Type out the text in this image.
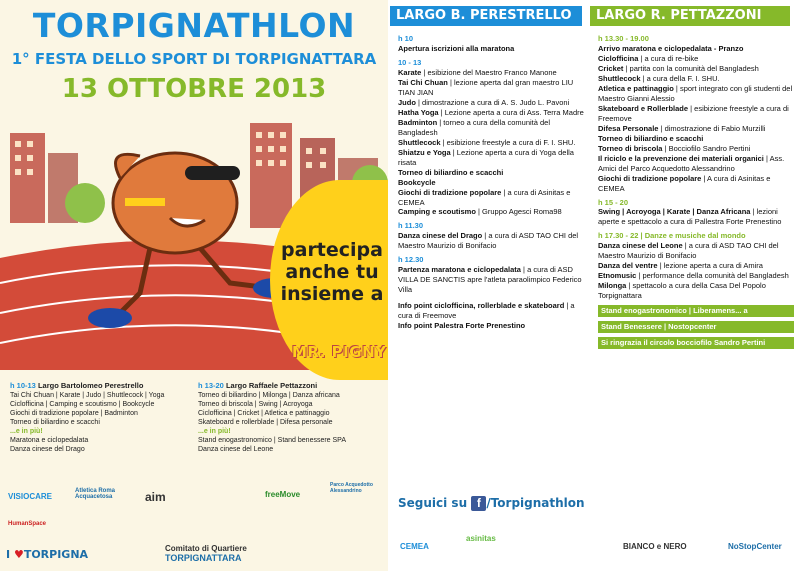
TORPIGNATHLON
1° FESTA DELLO SPORT DI TORPIGNATTARA
13 OTTOBRE 2013
partecipa
anche tu
insieme a
MR. PIGNY
h 10-13 Largo Bartolomeo Perestrello
Tai Chi Chuan | Karate | Judo | Shuttlecock | Yoga
Ciclofficina | Camping e scoutismo | Bookcycle
Giochi di tradizione popolare | Badminton
Torneo di biliardino e scacchi
...e in più!
Maratona e ciclopedalata
Danza cinese del Drago
h 13-20 Largo Raffaele Pettazzoni
Torneo di biliardino | Milonga | Danza africana
Torneo di briscola | Swing | Acroyoga
Ciclofficina | Cricket | Atletica e pattinaggio
Skateboard e rollerblade | Difesa personale
...e in più!
Stand enogastronomico | Stand benessere SPA
Danza cinese del Leone
VISIOCARE
Atletica Roma Acquacetosa	aim	freeMove
Parco Acquedotto Alessandrino
HumanSpace
I ♥TORPIGNA	Comitato di Quartiere
TORPIGNATTARA
LARGO B. PERESTRELLO	LARGO R. PETTAZZONI
h 10
Apertura iscrizioni alla maratona
10 - 13
Karate | esibizione del Maestro Franco Manone
Tai Chi Chuan | lezione aperta dal gran maestro LIU TIAN JIAN
Judo | dimostrazione a cura di A. S. Judo L. Pavoni
Hatha Yoga | Lezione aperta a cura di Ass. Terra Madre
Badminton | torneo a cura della comunità del Bangladesh
Shuttlecock | esibizione freestyle a cura di F. I. SHU.
Shiatzu e Yoga | Lezione aperta a cura di Yoga della risata
Torneo di biliardino e scacchi
Bookcycle
Giochi di tradizione popolare | a cura di Asinitas e CEMEA
Camping e scoutismo | Gruppo Agesci Roma98
h 11.30
Danza cinese del Drago | a cura di ASD TAO CHI del Maestro Maurizio di Bonifacio
h 12.30
Partenza maratona e ciclopedalata | a cura di ASD VILLA DE SANCTIS apre l'atleta paraolimpico Federico Villa
Info point ciclofficina, rollerblade e skateboard | a cura di Freemove
Info point Palestra Forte Prenestino
h 13.30 - 19.00
Arrivo maratona e ciclopedalata - Pranzo
Ciclofficina | a cura di re-bike
Cricket | partita con la comunità del Bangladesh
Shuttlecock | a cura della F. I. SHU.
Atletica e pattinaggio | sport integrato con gli studenti del Maestro Gianni Alessio
Skateboard e Rollerblade | esibizione freestyle a cura di Freemove
Difesa Personale | dimostrazione di Fabio Murzilli
Torneo di biliardino e scacchi
Torneo di briscola | Bocciofilo Sandro Pertini
Il riciclo e la prevenzione dei materiali organici | Ass. Amici del Parco Acquedotto Alessandrino
Giochi di tradizione popolare | A cura di Asinitas e CEMEA
h 15 - 20
Swing | Acroyoga | Karate | Danza Africana | lezioni aperte e spettacolo a cura di Pallestra Forte Prenestino
h 17.30 - 22 | Danze e musiche dal mondo
Danza cinese del Leone | a cura di ASD TAO CHI del Maestro Maurizio di Bonifacio
Danza del ventre | lezione aperta a cura di Amira
Etnomusic | performance della comunità del Bangladesh
Milonga | spettacolo a cura della Casa Del Popolo Torpignattara
Stand enogastronomico | Liberamens... a
Stand Benessere | Nostopcenter
Si ringrazia il circolo bocciofilo Sandro Pertini
Seguici su f /Torpignathlon
CEMEA
asinitas
BIANCO e NERO	NoStopCenter
